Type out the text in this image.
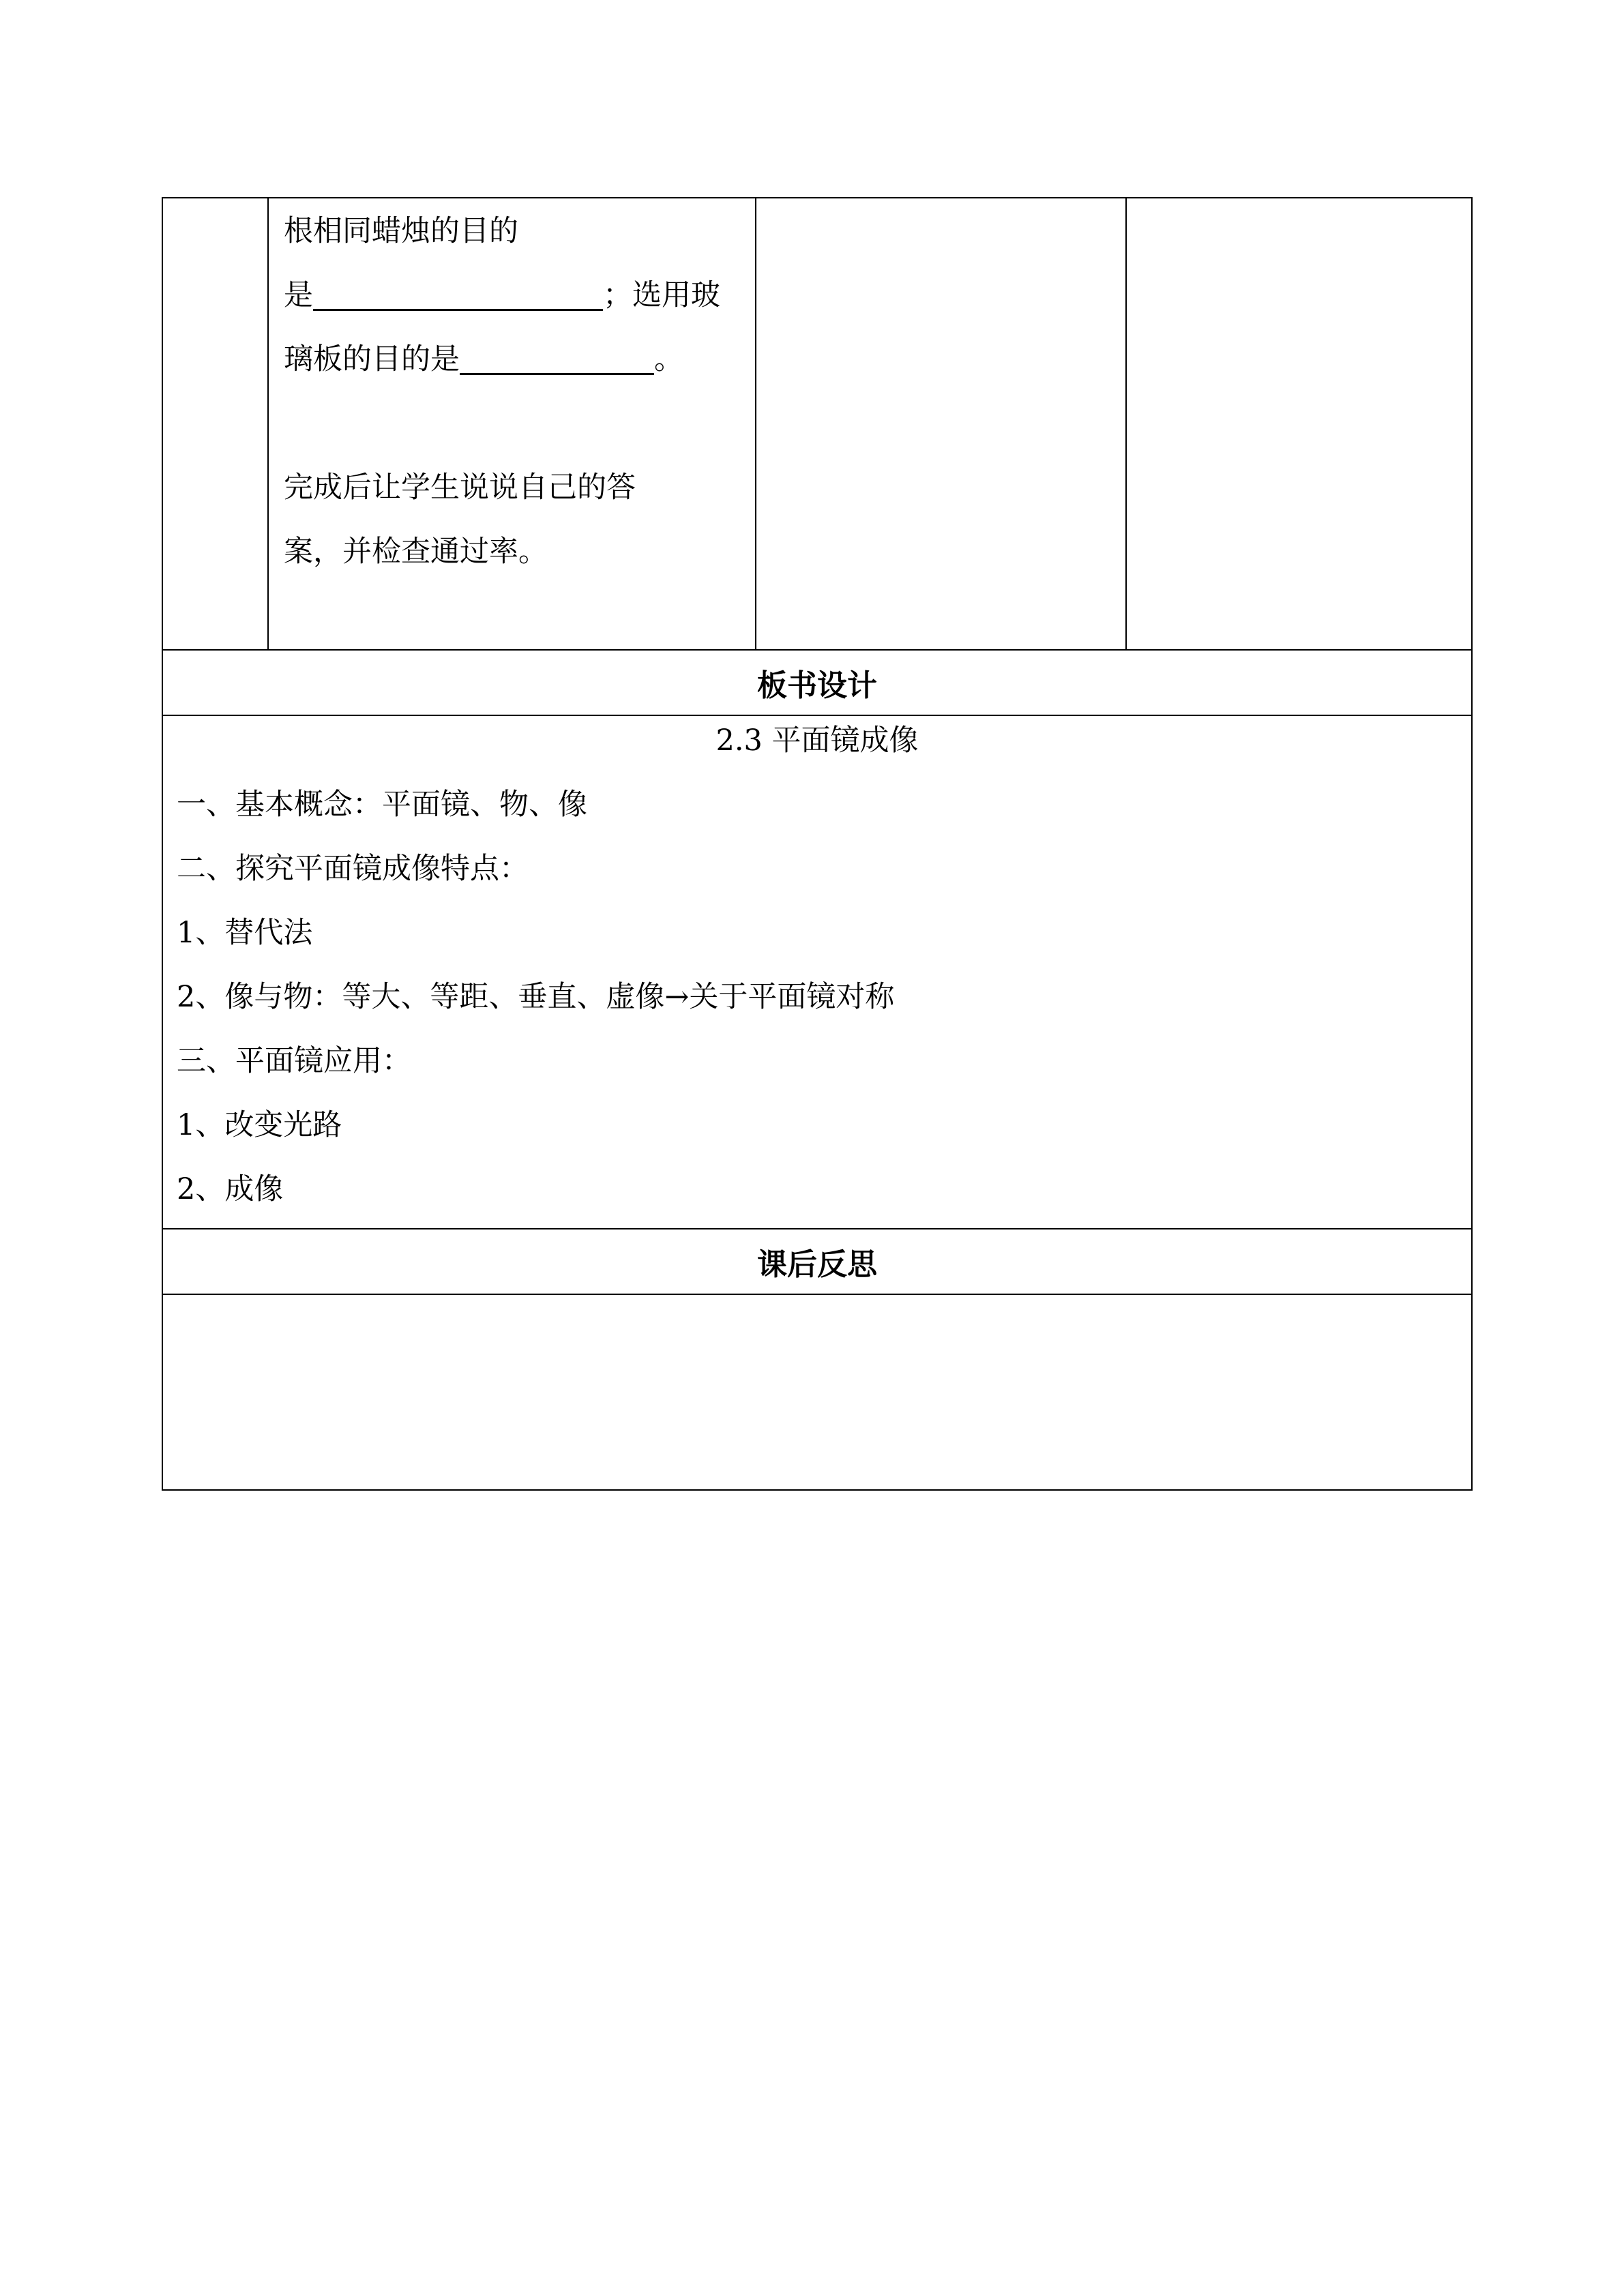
根相同蜡烛的目的
是	；选用玻
璃板的目的是	。
完成后让学生说说自己的答
案，并检查通过率。
板书设计
2.3 平面镜成像
一、基本概念：平面镜、物、像
二、探究平面镜成像特点：
1、替代法
2、像与物：等大、等距、垂直、虚像→关于平面镜对称
三、平面镜应用：
1、改变光路
2、成像
课后反思
